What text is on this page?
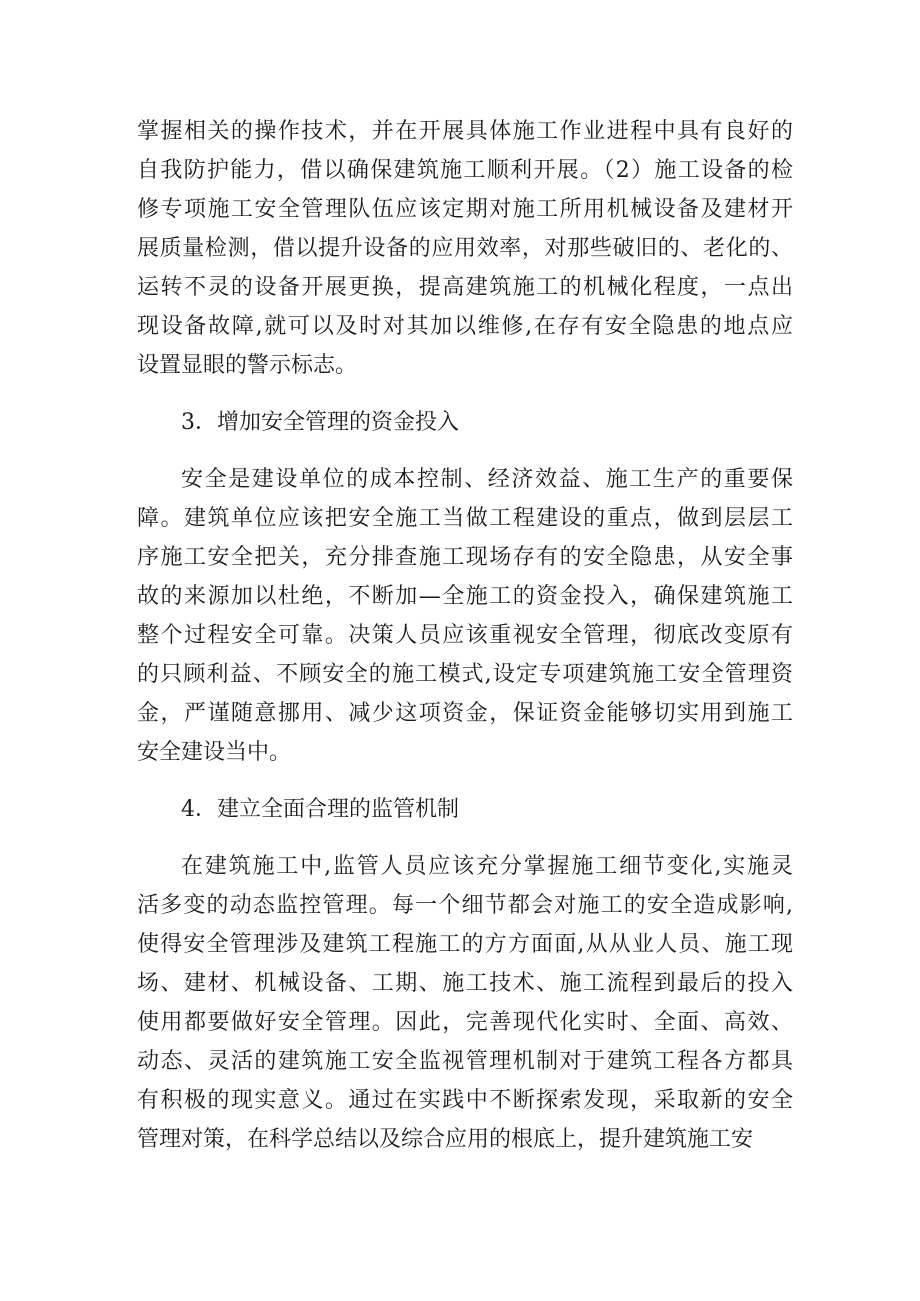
掌握相关的操作技术，并在开展具体施工作业进程中具有良好的
自我防护能力，借以确保建筑施工顺利开展。（2）施工设备的检
修专项施工安全管理队伍应该定期对施工所用机械设备及建材开
展质量检测，借以提升设备的应用效率，对那些破旧的、老化的、
运转不灵的设备开展更换，提高建筑施工的机械化程度，一点出
现设备故障,就可以及时对其加以维修,在存有安全隐患的地点应
设置显眼的警示标志。
3．增加安全管理的资金投入
安全是建设单位的成本控制、经济效益、施工生产的重要保
障。建筑单位应该把安全施工当做工程建设的重点，做到层层工
序施工安全把关，充分排查施工现场存有的安全隐患，从安全事
故的来源加以杜绝，不断加—全施工的资金投入，确保建筑施工
整个过程安全可靠。决策人员应该重视安全管理，彻底改变原有
的只顾利益、不顾安全的施工模式,设定专项建筑施工安全管理资
金，严谨随意挪用、减少这项资金，保证资金能够切实用到施工
安全建设当中。
4．建立全面合理的监管机制
在建筑施工中,监管人员应该充分掌握施工细节变化,实施灵
活多变的动态监控管理。每一个细节都会对施工的安全造成影响,
使得安全管理涉及建筑工程施工的方方面面,从从业人员、施工现
场、建材、机械设备、工期、施工技术、施工流程到最后的投入
使用都要做好安全管理。因此，完善现代化实时、全面、高效、
动态、灵活的建筑施工安全监视管理机制对于建筑工程各方都具
有积极的现实意义。通过在实践中不断探索发现，采取新的安全
管理对策，在科学总结以及综合应用的根底上，提升建筑施工安
